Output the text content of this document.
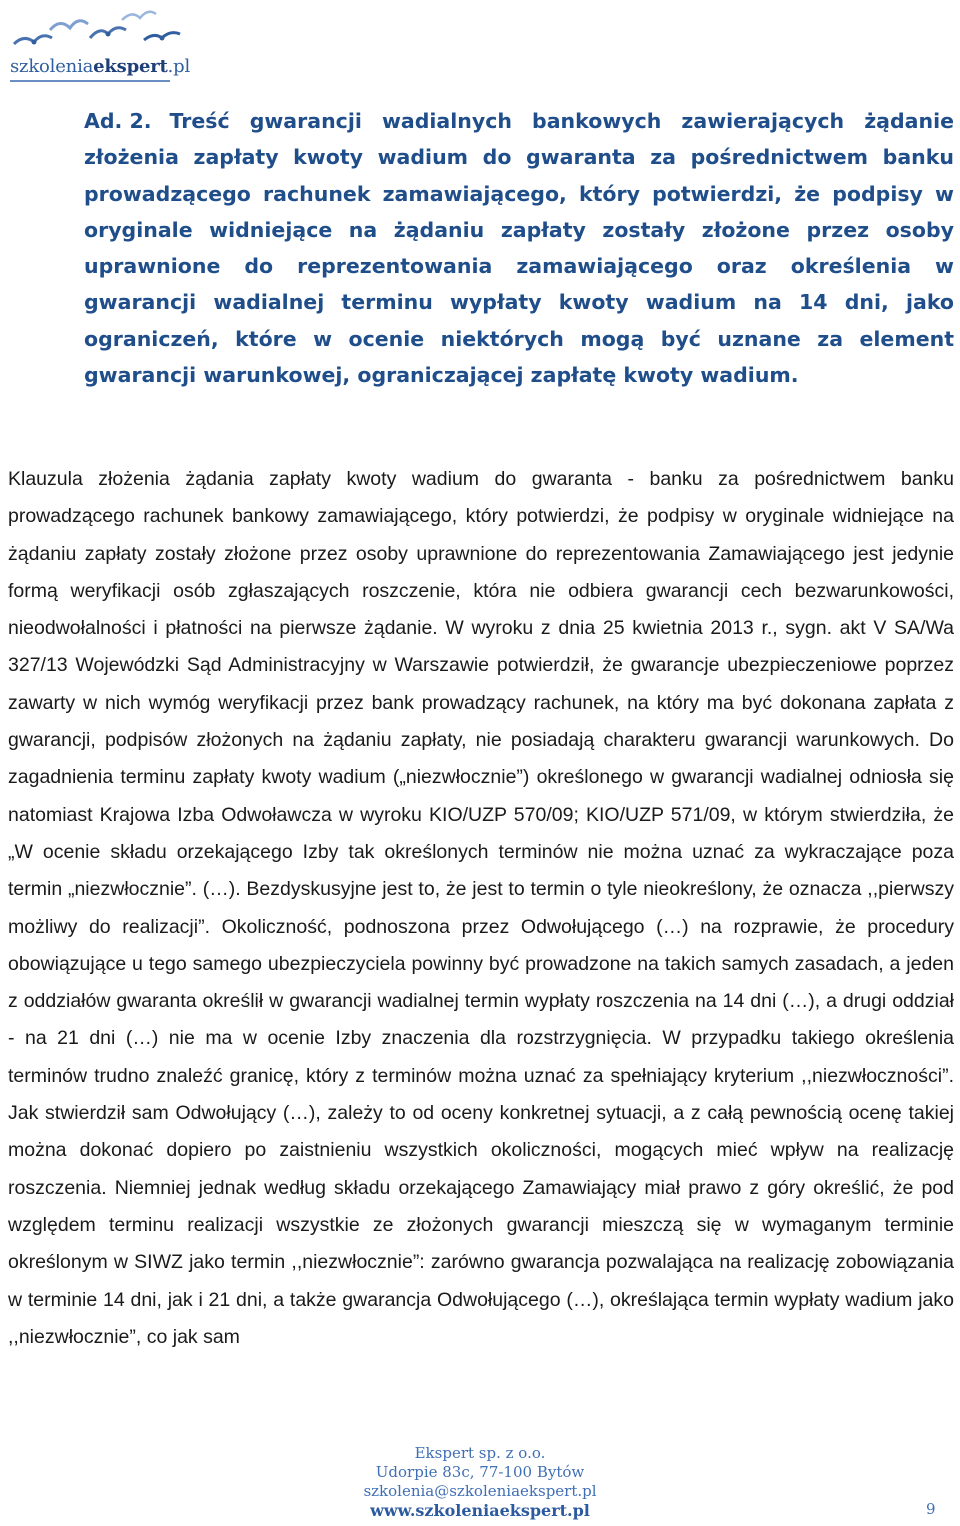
szkoleniaekspert.pl

Ad. 2. Treść gwarancji wadialnych bankowych zawierających żądanie złożenia zapłaty kwoty wadium do gwaranta za pośrednictwem banku prowadzącego rachunek zamawiającego, który potwierdzi, że podpisy w oryginale widniejące na żądaniu zapłaty zostały złożone przez osoby uprawnione do reprezentowania zamawiającego oraz określenia w gwarancji wadialnej terminu wypłaty kwoty wadium na 14 dni, jako ograniczeń, które w ocenie niektórych mogą być uznane za element gwarancji warunkowej, ograniczającej zapłatę kwoty wadium.

Klauzula złożenia żądania zapłaty kwoty wadium do gwaranta - banku za pośrednictwem banku prowadzącego rachunek bankowy zamawiającego, który potwierdzi, że podpisy w oryginale widniejące na żądaniu zapłaty zostały złożone przez osoby uprawnione do reprezentowania Zamawiającego jest jedynie formą weryfikacji osób zgłaszających roszczenie, która nie odbiera gwarancji cech bezwarunkowości, nieodwołalności i płatności na pierwsze żądanie. W wyroku z dnia 25 kwietnia 2013 r., sygn. akt V SA/Wa 327/13 Wojewódzki Sąd Administracyjny w Warszawie potwierdził, że gwarancje ubezpieczeniowe poprzez zawarty w nich wymóg weryfikacji przez bank prowadzący rachunek, na który ma być dokonana zapłata z gwarancji, podpisów złożonych na żądaniu zapłaty, nie posiadają charakteru gwarancji warunkowych. Do zagadnienia terminu zapłaty kwoty wadium („niezwłocznie”) określonego w gwarancji wadialnej odniosła się natomiast Krajowa Izba Odwoławcza w wyroku KIO/UZP 570/09; KIO/UZP 571/09, w którym stwierdziła, że „W ocenie składu orzekającego Izby tak określonych terminów nie można uznać za wykraczające poza termin „niezwłocznie”. (…). Bezdyskusyjne jest to, że jest to termin o tyle nieokreślony, że oznacza ,,pierwszy możliwy do realizacji”. Okoliczność, podnoszona przez Odwołującego (…) na rozprawie, że procedury obowiązujące u tego samego ubezpieczyciela powinny być prowadzone na takich samych zasadach, a jeden z oddziałów gwaranta określił w gwarancji wadialnej termin wypłaty roszczenia na 14 dni (…), a drugi oddział - na 21 dni (…) nie ma w ocenie Izby znaczenia dla rozstrzygnięcia. W przypadku takiego określenia terminów trudno znaleźć granicę, który z terminów można uznać za spełniający kryterium ,,niezwłoczności”. Jak stwierdził sam Odwołujący (…), zależy to od oceny konkretnej sytuacji, a z całą pewnością ocenę takiej można dokonać dopiero po zaistnieniu wszystkich okoliczności, mogących mieć wpływ na realizację roszczenia. Niemniej jednak według składu orzekającego Zamawiający miał prawo z góry określić, że pod względem terminu realizacji wszystkie ze złożonych gwarancji mieszczą się w wymaganym terminie określonym w SIWZ jako termin ,,niezwłocznie”: zarówno gwarancja pozwalająca na realizację zobowiązania w terminie 14 dni, jak i 21 dni, a także gwarancja Odwołującego (…), określająca termin wypłaty wadium jako ,,niezwłocznie”, co jak sam

Ekspert sp. z o.o.
Udorpie 83c, 77-100 Bytów
szkolenia@szkoleniaekspert.pl
www.szkoleniaekspert.pl	9
